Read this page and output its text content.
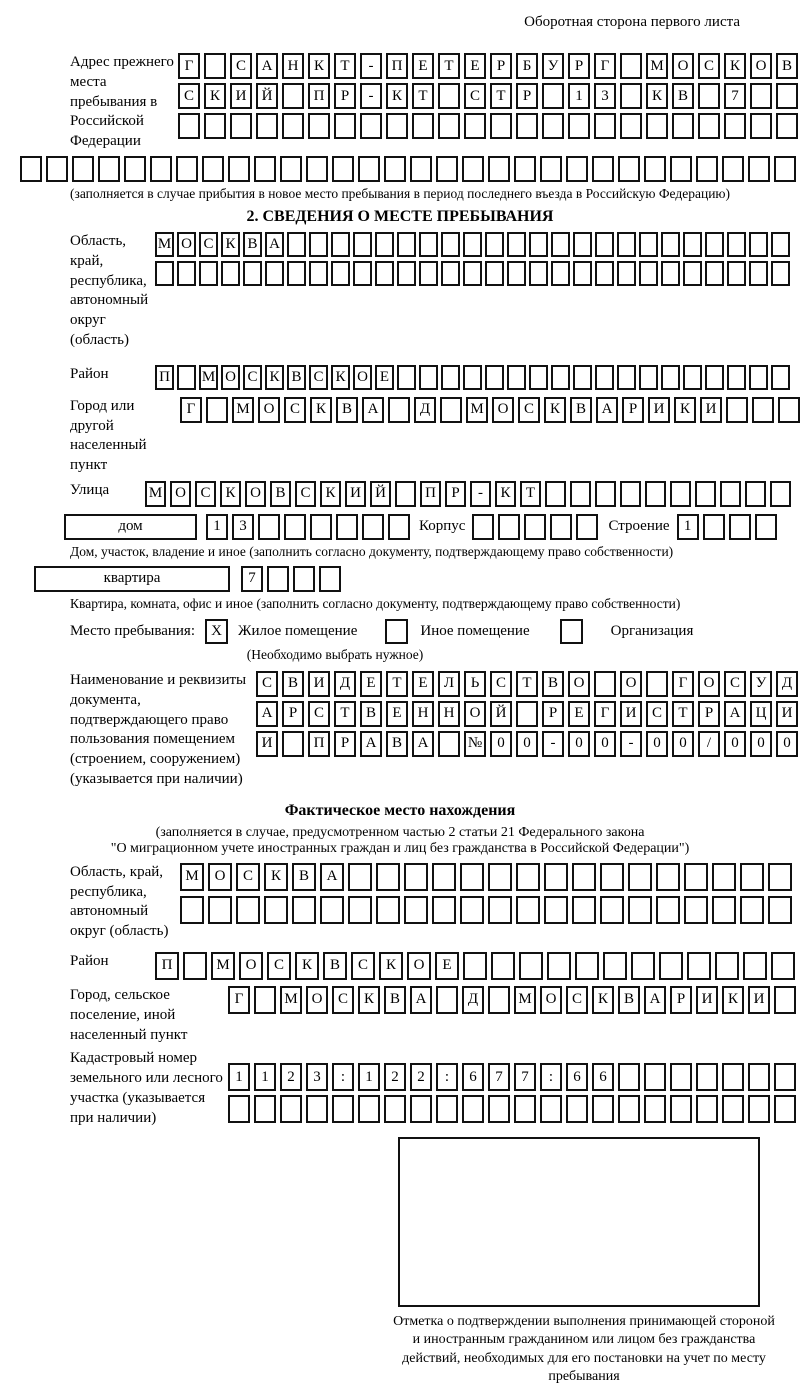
Оборотная сторона первого листа
Адрес прежнего места пребывания в Российской Федерации
Г	С	А	Н	К	Т	-	П	Е	Т	Е	Р	Б	У	Р	Г	М О	С	К	О	В
С	К	И	Й	П	Р	-	К	Т	С	Т	Р	1	3	К	В	7
(заполняется в случае прибытия в новое место пребывания в период последнего въезда в Российскую Федерацию)
2. СВЕДЕНИЯ О МЕСТЕ ПРЕБЫВАНИЯ
Область, край, республика, автономный округ (область)
М О С К В А
Район	П М О С К В С К О Е
Город или другой населенный пункт
Г	М О	С	К	В	А	Д	М О	С	К	В	А	Р	И	К	И
Улица	М О С К О В С К И Й	П	Р	-	К	Т
дом	1	3	Корпус	Строение 1
Дом, участок, владение и иное (заполнить согласно документу, подтверждающему право собственности)
квартира	7
Квартира, комната, офис и иное (заполнить согласно документу, подтверждающему право собственности)
Место пребывания:	X	Жилое помещение	Иное помещение	Организация
(Необходимо выбрать нужное)
Наименование и реквизиты документа, подтверждающего право пользования помещением (строением, сооружением) (указывается при наличии)
С	В	И	Д	Е	Т	Е	Л	Ь	С	Т	В	О	О	Г	О	С	У	Д
А	Р	С	Т	В	Е	Н	Н	О	Й	Р	Е	Г	И	С	Т	Р	А	Ц	И
И	П	Р	А	В	А	№	0	0	-	0	0	-	0	0	/	0	0	0
Фактическое место нахождения
(заполняется в случае, предусмотренном частью 2 статьи 21 Федерального закона
"О миграционном учете иностранных граждан и лиц без гражданства в Российской Федерации")
Область, край, республика, автономный округ (область)
М	О	С	К	В	А
Район	П	М	О	С	К	В	С	К	О	Е
Город, сельское поселение, иной населенный пункт
Г	М О	С	К	В	А	Д	М О	С	К	В	А	Р	И	К	И
Кадастровый номер земельного или лесного участка (указывается при наличии)
1	1	2	3	:	1	2	2	:	6	7	7	:	6	6
Отметка о подтверждении выполнения принимающей стороной и иностранным гражданином или лицом без гражданства действий, необходимых для его постановки на учет по месту пребывания
